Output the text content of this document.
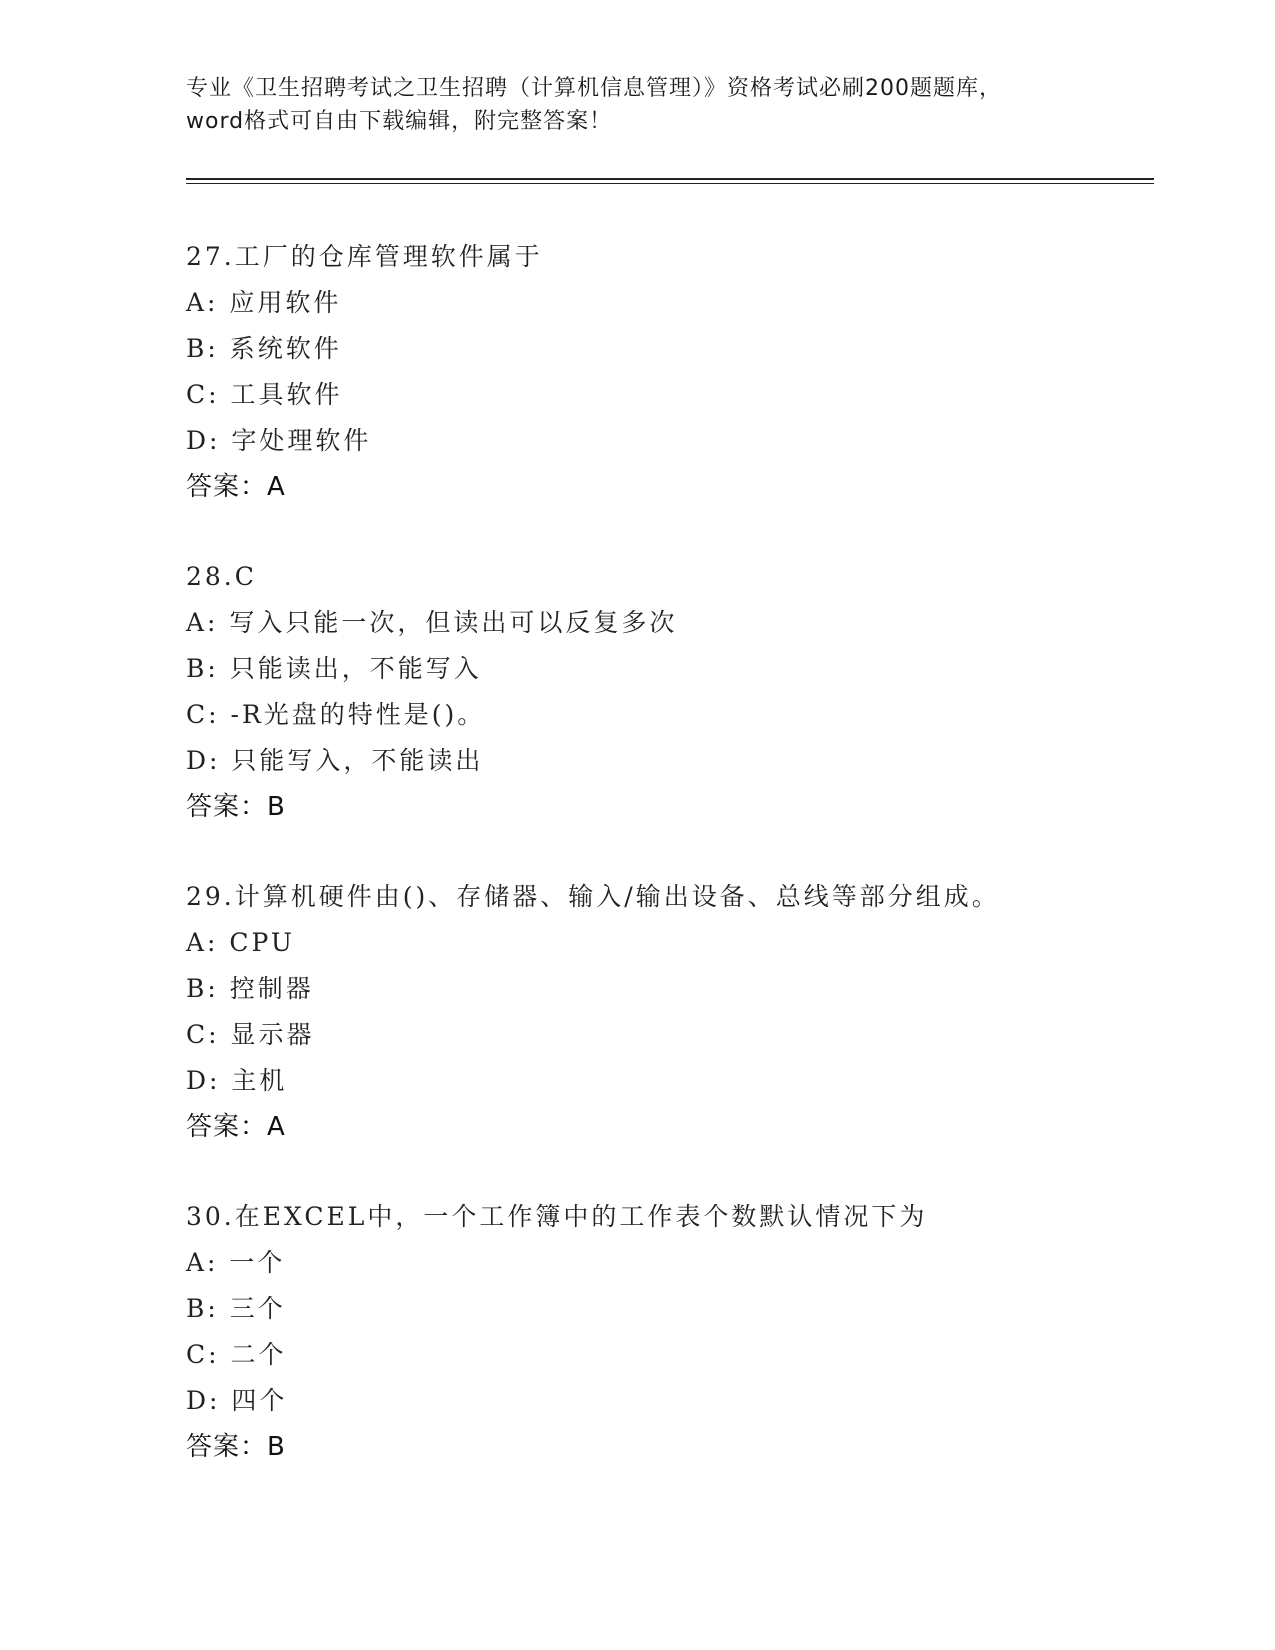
专业《卫生招聘考试之卫生招聘（计算机信息管理）》资格考试必刷200题题库，
word格式可自由下载编辑，附完整答案！
27.工厂的仓库管理软件属于
A: 应用软件
B: 系统软件
C: 工具软件
D: 字处理软件
答案：A
28.C
A: 写入只能一次，但读出可以反复多次
B: 只能读出，不能写入
C: -R光盘的特性是()。
D: 只能写入，不能读出
答案：B
29.计算机硬件由()、存储器、输入/输出设备、总线等部分组成。
A: CPU
B: 控制器
C: 显示器
D: 主机
答案：A
30.在EXCEL中，一个工作簿中的工作表个数默认情况下为
A: 一个
B: 三个
C: 二个
D: 四个
答案：B
